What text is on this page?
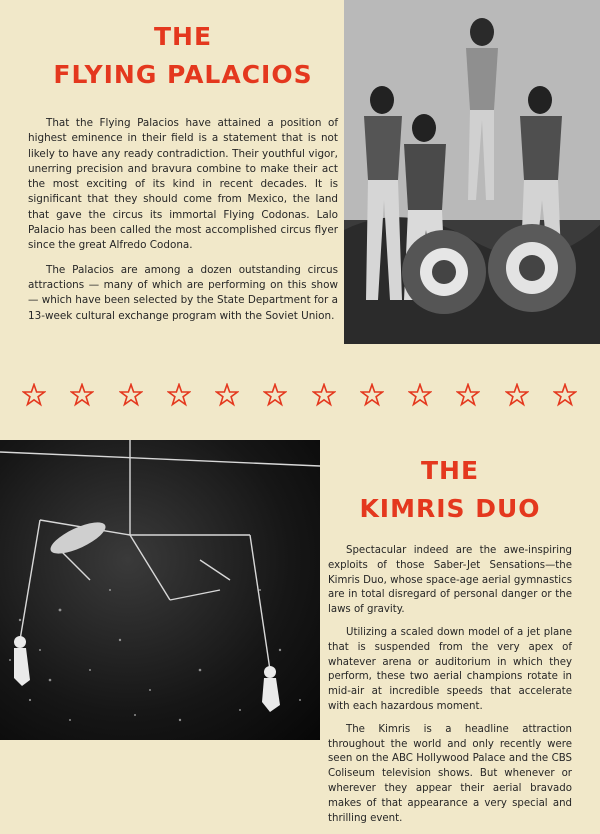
THE
FLYING PALACIOS

That the Flying Palacios have attained a position of highest eminence in their field is a statement that is not likely to have any ready contradiction. Their youthful vigor, unerring precision and bravura combine to make their act the most exciting of its kind in recent decades. It is significant that they should come from Mexico, the land that gave the circus its immortal Flying Codonas. Lalo Palacio has been called the most accomplished circus flyer since the great Alfredo Codona.

The Palacios are among a dozen outstanding circus attractions — many of which are performing on this show — which have been selected by the State Department for a 13-week cultural exchange program with the Soviet Union.

THE
KIMRIS DUO

Spectacular indeed are the awe-inspiring exploits of those Saber-Jet Sensations—the Kimris Duo, whose space-age aerial gymnastics are in total disregard of personal danger or the laws of gravity.

Utilizing a scaled down model of a jet plane that is suspended from the very apex of whatever arena or auditorium in which they perform, these two aerial champions rotate in mid-air at incredible speeds that accelerate with each hazardous moment.

The Kimris is a headline attraction throughout the world and only recently were seen on the ABC Hollywood Palace and the CBS Coliseum television shows. But whenever or wherever they appear their aerial bravado makes of that appearance a very special and thrilling event.
